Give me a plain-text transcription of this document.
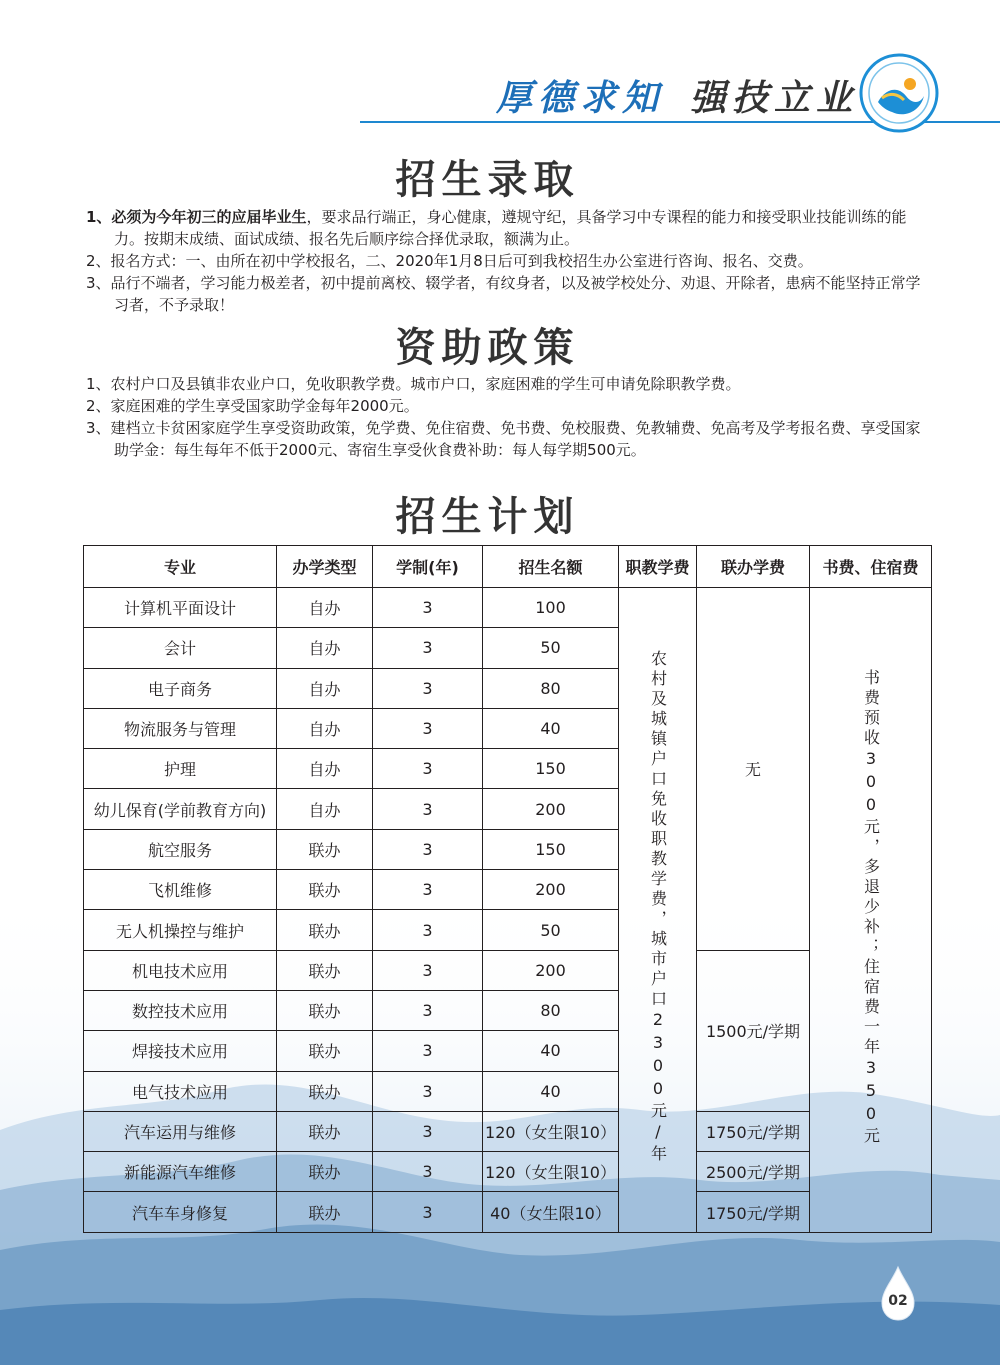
厚德求知 强技立业
招生录取

1、必须为今年初三的应届毕业生，要求品行端正，身心健康，遵规守纪，具备学习中专课程的能力和接受职业技能训练的能力。按期末成绩、面试成绩、报名先后顺序综合择优录取，额满为止。

2、报名方式：一、由所在初中学校报名，二、2020年1月8日后可到我校招生办公室进行咨询、报名、交费。

3、品行不端者，学习能力极差者，初中提前离校、辍学者，有纹身者，以及被学校处分、劝退、开除者，患病不能坚持正常学习者，不予录取！

资助政策

1、农村户口及县镇非农业户口，免收职教学费。城市户口，家庭困难的学生可申请免除职教学费。

2、家庭困难的学生享受国家助学金每年2000元。

3、建档立卡贫困家庭学生享受资助政策，免学费、免住宿费、免书费、免校服费、免教辅费、免高考及学考报名费、享受国家助学金：每生每年不低于2000元、寄宿生享受伙食费补助：每人每学期500元。

招生计划
专业	办学类型	学制(年)	招生名额	职教学费	联办学费	书费、住宿费
计算机平面设计	自办	3	100	农村及城镇户口免收职教学费，城市户口2300元/年	无	书费预收300元，多退少补；住宿费一年350元
会计	自办	3	50			
电子商务	自办	3	80			
物流服务与管理	自办	3	40			
护理	自办	3	150			
幼儿保育(学前教育方向)	自办	3	200			
航空服务	联办	3	150			
飞机维修	联办	3	200			
无人机操控与维护	联办	3	50			
机电技术应用	联办	3	200		1500元/学期	
数控技术应用	联办	3	80			
焊接技术应用	联办	3	40			
电气技术应用	联办	3	40			
汽车运用与维修	联办	3	120（女生限10）		1750元/学期	
新能源汽车维修	联办	3	120（女生限10）		2500元/学期	
汽车车身修复	联办	3	40（女生限10）		1750元/学期	
02
